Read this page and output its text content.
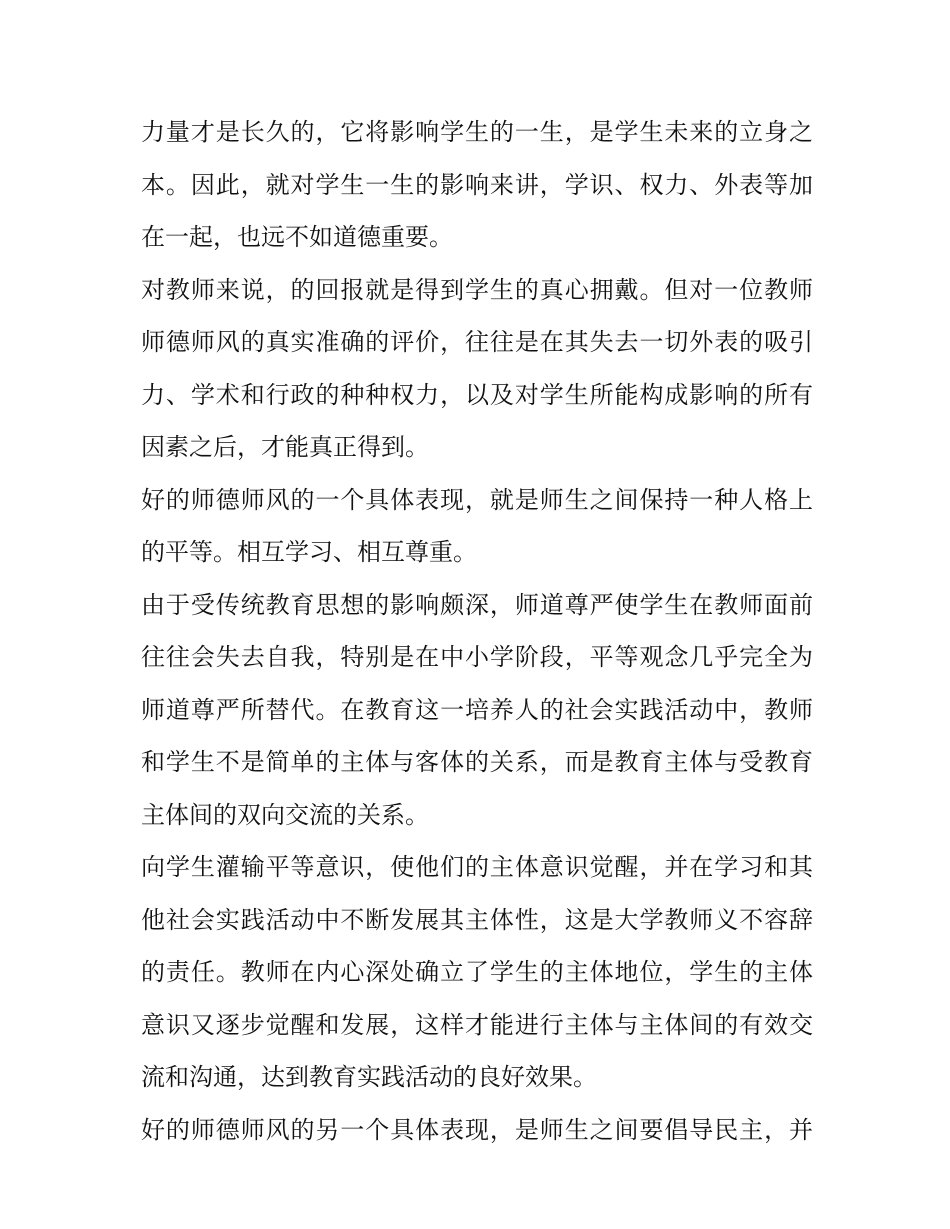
力量才是长久的，它将影响学生的一生，是学生未来的立身之
本。因此，就对学生一生的影响来讲，学识、权力、外表等加
在一起，也远不如道德重要。
对教师来说，的回报就是得到学生的真心拥戴。但对一位教师
师德师风的真实准确的评价，往往是在其失去一切外表的吸引
力、学术和行政的种种权力，以及对学生所能构成影响的所有
因素之后，才能真正得到。
好的师德师风的一个具体表现，就是师生之间保持一种人格上
的平等。相互学习、相互尊重。
由于受传统教育思想的影响颇深，师道尊严使学生在教师面前
往往会失去自我，特别是在中小学阶段，平等观念几乎完全为
师道尊严所替代。在教育这一培养人的社会实践活动中，教师
和学生不是简单的主体与客体的关系，而是教育主体与受教育
主体间的双向交流的关系。
向学生灌输平等意识，使他们的主体意识觉醒，并在学习和其
他社会实践活动中不断发展其主体性，这是大学教师义不容辞
的责任。教师在内心深处确立了学生的主体地位，学生的主体
意识又逐步觉醒和发展，这样才能进行主体与主体间的有效交
流和沟通，达到教育实践活动的良好效果。
好的师德师风的另一个具体表现，是师生之间要倡导民主，并
